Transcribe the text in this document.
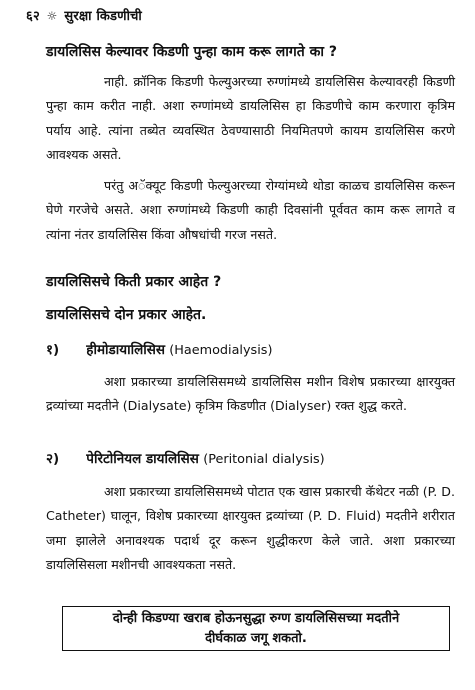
६२ ☼ सुरक्षा किडणीची
डायलिसिस केल्यावर किडणी पुन्हा काम करू लागते का ?
नाही. क्रॉनिक किडणी फेल्युअरच्या रुग्णांमध्ये डायलिसिस केल्यावरही किडणी पुन्हा काम करीत नाही. अशा रुग्णांमध्ये डायलिसिस हा किडणीचे काम करणारा कृत्रिम पर्याय आहे. त्यांना तब्येत व्यवस्थित ठेवण्यासाठी नियमितपणे कायम डायलिसिस करणे आवश्यक असते.
परंतु अॅक्यूट किडणी फेल्युअरच्या रोग्यांमध्ये थोडा काळच डायलिसिस करून घेणे गरजेचे असते. अशा रुग्णांमध्ये किडणी काही दिवसांनी पूर्ववत काम करू लागते व त्यांना नंतर डायलिसिस किंवा औषधांची गरज नसते.
डायलिसिसचे किती प्रकार आहेत ?
डायलिसिसचे दोन प्रकार आहेत.
१) हीमोडायालिसिस (Haemodialysis)
अशा प्रकारच्या डायलिसिसमध्ये डायलिसिस मशीन विशेष प्रकारच्या क्षारयुक्त द्रव्यांच्या मदतीने (Dialysate) कृत्रिम किडणीत (Dialyser) रक्त शुद्ध करते.
२) पेरिटोनियल डायलिसिस (Peritonial dialysis)
अशा प्रकारच्या डायलिसिसमध्ये पोटात एक खास प्रकारची कॅथेटर नळी (P. D. Catheter) घालून, विशेष प्रकारच्या क्षारयुक्त द्रव्यांच्या (P. D. Fluid) मदतीने शरीरात जमा झालेले अनावश्यक पदार्थ दूर करून शुद्धीकरण केले जाते. अशा प्रकारच्या डायलिसिसला मशीनची आवश्यकता नसते.
दोन्ही किडण्या खराब होऊनसुद्धा रुग्ण डायलिसिसच्या मदतीने
दीर्घकाळ जगू शकतो.
